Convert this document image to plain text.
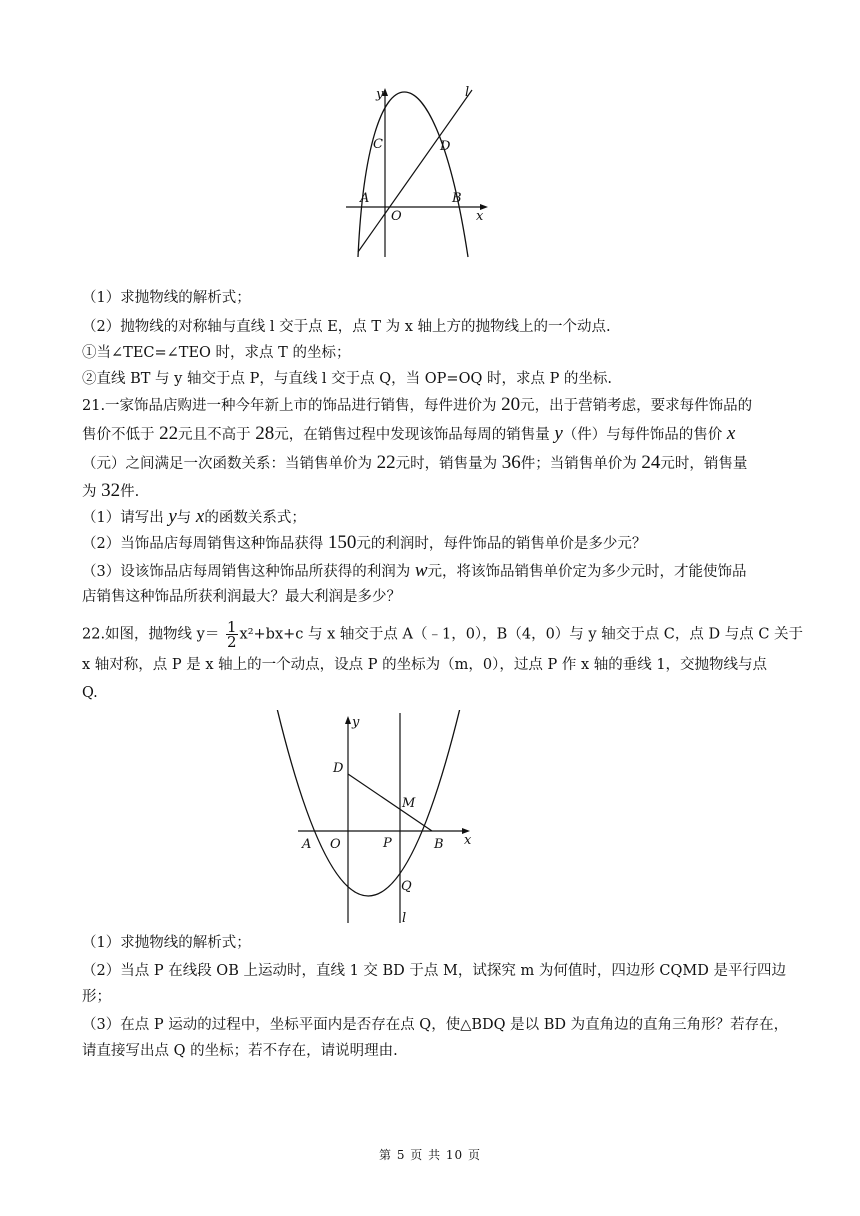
y	l
C	D
A
O
B
x
（1）求抛物线的解析式；
（2）抛物线的对称轴与直线 l 交于点 E，点 T 为 x 轴上方的抛物线上的一个动点.
①当∠TEC=∠TEO 时，求点 T 的坐标；
②直线 BT 与 y 轴交于点 P，与直线 l 交于点 Q，当 OP=OQ 时，求点 P 的坐标.
21.一家饰品店购进一种今年新上市的饰品进行销售，每件进价为 20元，出于营销考虑，要求每件饰品的
售价不低于 22元且不高于 28元，在销售过程中发现该饰品每周的销售量 y（件）与每件饰品的售价 x
（元）之间满足一次函数关系：当销售单价为 22元时，销售量为 36件；当销售单价为 24元时，销售量
为 32件.
（1）请写出 y与 x的函数关系式；
（2）当饰品店每周销售这种饰品获得 150元的利润时，每件饰品的销售单价是多少元？
（3）设该饰品店每周销售这种饰品所获得的利润为 w元，将该饰品销售单价定为多少元时，才能使饰品
店销售这种饰品所获利润最大？最大利润是多少？
22.如图，抛物线 $y= \frac{1}{2} x^2+bx+c$ 与 x 轴交于点 A（﹣1，0），B（4，0）与 y 轴交于点 C，点 D 与点 C 关于
x 轴对称，点 P 是 x 轴上的一个动点，设点 P 的坐标为（m，0），过点 P 作 x 轴的垂线 1，交抛物线与点
Q.
y
D
M
x
A O	P	B
Q
l
（1）求抛物线的解析式；
（2）当点 P 在线段 OB 上运动时，直线 1 交 BD 于点 M，试探究 m 为何值时，四边形 CQMD 是平行四边
形；
（3）在点 P 运动的过程中，坐标平面内是否存在点 Q，使△BDQ 是以 BD 为直角边的直角三角形？若存在，
请直接写出点 Q 的坐标；若不存在，请说明理由.
第 5 页 共 10 页
